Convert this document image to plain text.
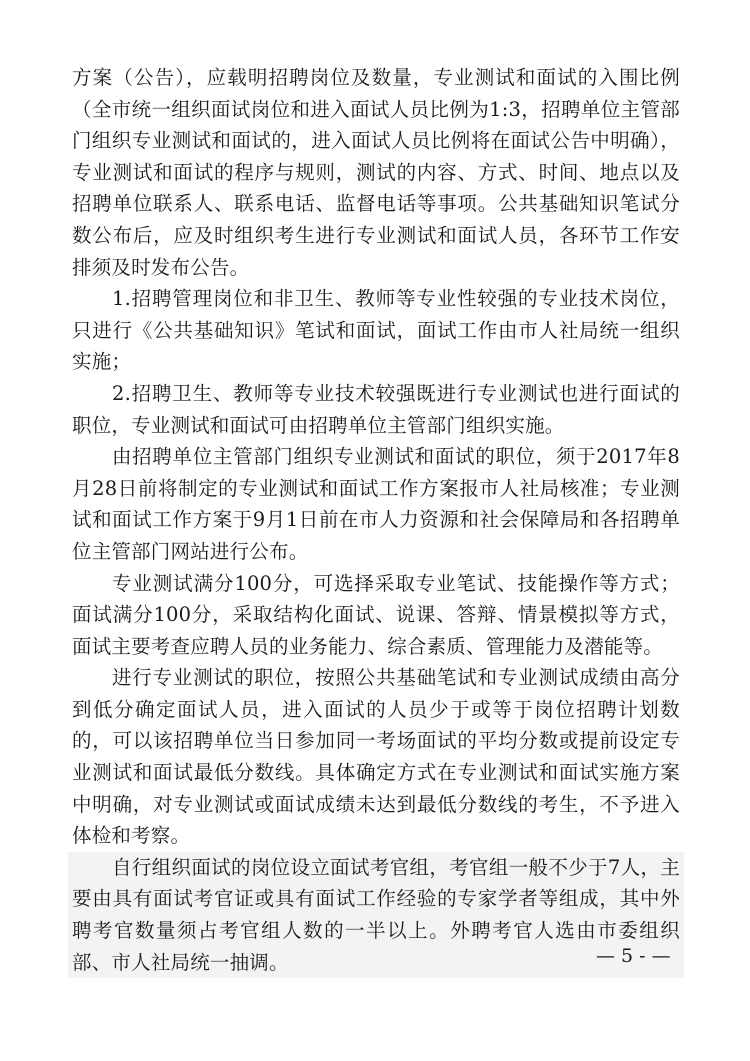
方案（公告），应载明招聘岗位及数量，专业测试和面试的入围比例（全市统一组织面试岗位和进入面试人员比例为1:3，招聘单位主管部门组织专业测试和面试的，进入面试人员比例将在面试公告中明确），专业测试和面试的程序与规则，测试的内容、方式、时间、地点以及招聘单位联系人、联系电话、监督电话等事项。公共基础知识笔试分数公布后，应及时组织考生进行专业测试和面试人员，各环节工作安排须及时发布公告。

1.招聘管理岗位和非卫生、教师等专业性较强的专业技术岗位，只进行《公共基础知识》笔试和面试，面试工作由市人社局统一组织实施；

2.招聘卫生、教师等专业技术较强既进行专业测试也进行面试的职位，专业测试和面试可由招聘单位主管部门组织实施。

由招聘单位主管部门组织专业测试和面试的职位，须于2017年8月28日前将制定的专业测试和面试工作方案报市人社局核准；专业测试和面试工作方案于9月1日前在市人力资源和社会保障局和各招聘单位主管部门网站进行公布。

专业测试满分100分，可选择采取专业笔试、技能操作等方式；面试满分100分，采取结构化面试、说课、答辩、情景模拟等方式，面试主要考查应聘人员的业务能力、综合素质、管理能力及潜能等。

进行专业测试的职位，按照公共基础笔试和专业测试成绩由高分到低分确定面试人员，进入面试的人员少于或等于岗位招聘计划数的，可以该招聘单位当日参加同一考场面试的平均分数或提前设定专业测试和面试最低分数线。具体确定方式在专业测试和面试实施方案中明确，对专业测试或面试成绩未达到最低分数线的考生，不予进入体检和考察。

自行组织面试的岗位设立面试考官组，考官组一般不少于7人，主要由具有面试考官证或具有面试工作经验的专家学者等组成，其中外聘考官数量须占考官组人数的一半以上。外聘考官人选由市委组织部、市人社局统一抽调。	— 5 - —
